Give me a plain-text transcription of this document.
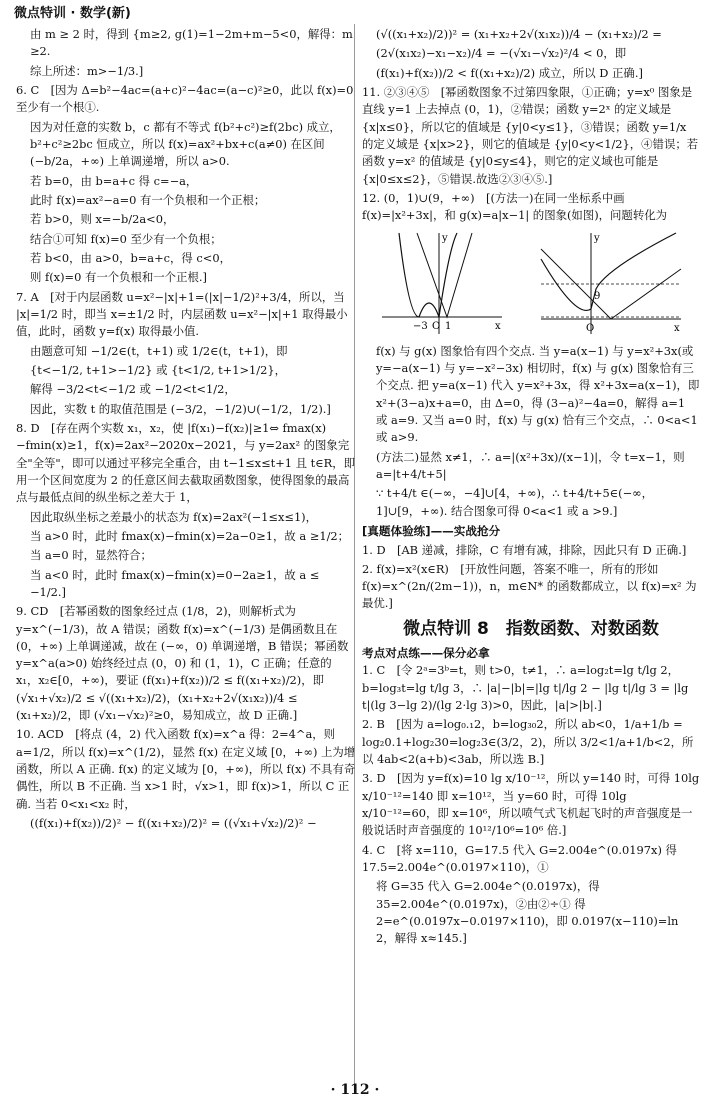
微点特训 · 数学(新)

由 m ≥ 2 时，得到 {m≥2, g(1)=1−2m+m−5<0，解得：m ≥2.

综上所述：m>−1/3.]

6. C　[因为 Δ=b²−4ac=(a+c)²−4ac=(a−c)²≥0，此以 f(x)=0 至少有一个根①.

因为对任意的实数 b，c 都有不等式 f(b²+c²)≥f(2bc) 成立，b²+c²≥2bc 恒成立，所以 f(x)=ax²+bx+c(a≠0) 在区间 (−b/2a，+∞) 上单调递增，所以 a>0.

若 b=0，由 b=a+c 得 c=−a，

此时 f(x)=ax²−a=0 有一个负根和一个正根；

若 b>0，则 x=−b/2a<0，

结合①可知 f(x)=0 至少有一个负根；

若 b<0，由 a>0，b=a+c，得 c<0，

则 f(x)=0 有一个负根和一个正根.]

7. A　[对于内层函数 u=x²−|x|+1=(|x|−1/2)²+3/4，所以，当 |x|=1/2 时，即当 x=±1/2 时，内层函数 u=x²−|x|+1 取得最小值，此时，函数 y=f(x) 取得最小值.

由题意可知 −1/2∈(t，t+1) 或 1/2∈(t，t+1)，即

{t<−1/2, t+1>−1/2} 或 {t<1/2, t+1>1/2}，

解得 −3/2<t<−1/2 或 −1/2<t<1/2，

因此，实数 t 的取值范围是 (−3/2，−1/2)∪(−1/2，1/2).]

8. D　[存在两个实数 x₁，x₂，使 |f(x₁)−f(x₂)|≥1⇔ fmax(x)−fmin(x)≥1，f(x)=2ax²−2020x−2021，与 y=2ax² 的图象完全"全等"，即可以通过平移完全重合，由 t−1≤x≤t+1 且 t∈R，即用一个区间宽度为 2 的任意区间去截取函数图象，使得图象的最高点与最低点间的纵坐标之差大于 1，

因此取纵坐标之差最小的状态为 f(x)=2ax²(−1≤x≤1)，

当 a>0 时，此时 fmax(x)−fmin(x)=2a−0≥1，故 a ≥1/2；

当 a=0 时，显然符合；

当 a<0 时，此时 fmax(x)−fmin(x)=0−2a≥1，故 a ≤ −1/2.]

9. CD　[若幂函数的图象经过点 (1/8，2)，则解析式为 y=x^(−1/3)，故 A 错误；函数 f(x)=x^(−1/3) 是偶函数且在 (0，+∞) 上单调递减，故在 (−∞，0) 单调递增，B 错误；幂函数 y=x^a(a>0) 始终经过点 (0，0) 和 (1，1)，C 正确；任意的 x₁，x₂∈[0，+∞)，要证 (f(x₁)+f(x₂))/2 ≤ f((x₁+x₂)/2)，即 (√x₁+√x₂)/2 ≤ √((x₁+x₂)/2)，(x₁+x₂+2√(x₁x₂))/4 ≤ (x₁+x₂)/2，即 (√x₁−√x₂)²≥0，易知成立，故 D 正确.]

10. ACD　[将点 (4，2) 代入函数 f(x)=x^a 得：2=4^a，则 a=1/2，所以 f(x)=x^(1/2)，显然 f(x) 在定义域 [0，+∞) 上为增函数，所以 A 正确. f(x) 的定义域为 [0，+∞)，所以 f(x) 不具有奇偶性，所以 B 不正确. 当 x>1 时，√x>1，即 f(x)>1，所以 C 正确. 当若 0<x₁<x₂ 时，

((f(x₁)+f(x₂))/2)² − f((x₁+x₂)/2)² = ((√x₁+√x₂)/2)² −

(√((x₁+x₂)/2))² = (x₁+x₂+2√(x₁x₂))/4 − (x₁+x₂)/2 =

(2√(x₁x₂)−x₁−x₂)/4 = −(√x₁−√x₂)²/4 < 0，即

(f(x₁)+f(x₂))/2 < f((x₁+x₂)/2) 成立，所以 D 正确.]

11. ②③④⑤　[幂函数图象不过第四象限，①正确；y=x⁰ 图象是直线 y=1 上去掉点 (0，1)，②错误；函数 y=2ˣ 的定义域是 {x|x≤0}，所以它的值域是 {y|0<y≤1}，③错误；函数 y=1/x 的定义域是 {x|x>2}，则它的值域是 {y|0<y<1/2}，④错误；若函数 y=x² 的值域是 {y|0≤y≤4}，则它的定义域也可能是 {x|0≤x≤2}，⑤错误.故选②③④⑤.]

12. (0，1)∪(9，+∞)　[(方法一)在同一坐标系中画 f(x)=|x²+3x|，和 g(x)=a|x−1| 的图象(如图)，问题转化为

−3 O 1	x
y
9
O	x
y

f(x) 与 g(x) 图象恰有四个交点. 当 y=a(x−1) 与 y=x²+3x(或 y=−a(x−1) 与 y=−x²−3x) 相切时，f(x) 与 g(x) 图象恰有三个交点. 把 y=a(x−1) 代入 y=x²+3x，得 x²+3x=a(x−1)，即 x²+(3−a)x+a=0，由 Δ=0，得 (3−a)²−4a=0，解得 a=1 或 a=9. 又当 a=0 时，f(x) 与 g(x) 恰有三个交点，∴ 0<a<1 或 a>9.

(方法二)显然 x≠1，∴ a=|(x²+3x)/(x−1)|，令 t=x−1，则 a=|t+4/t+5|

∵ t+4/t ∈(−∞，−4]∪[4，+∞)，∴ t+4/t+5∈(−∞，1]∪[9，+∞). 结合图象可得 0<a<1 或 a >9.]

[真题体验练]——实战抢分

1. D　[AB 递减，排除，C 有增有减，排除，因此只有 D 正确.]

2. f(x)=x²(x∈R)　[开放性问题，答案不唯一，所有的形如 f(x)=x^(2n/(2m−1))，n，m∈N* 的函数都成立，以 f(x)=x² 为最优.]

微点特训 8　指数函数、对数函数
考点对点练——保分必拿

1. C　[令 2ᵃ=3ᵇ=t，则 t>0，t≠1，∴ a=log₂t=lg t/lg 2，b=log₃t=lg t/lg 3，∴ |a|−|b|=|lg t|/lg 2 − |lg t|/lg 3 = |lg t|(lg 3−lg 2)/(lg 2·lg 3)>0，因此，|a|>|b|.]

2. B　[因为 a=log₀.₁2，b=log₃₀2，所以 ab<0，1/a+1/b = log₂0.1+log₂30=log₂3∈(3/2，2)，所以 3/2<1/a+1/b<2，所以 4ab<2(a+b)<3ab，所以选 B.]

3. D　[因为 y=f(x)=10 lg x/10⁻¹²，所以 y=140 时，可得 10lg x/10⁻¹²=140 即 x=10¹²，当 y=60 时，可得 10lg x/10⁻¹²=60，即 x=10⁶，所以喷气式飞机起飞时的声音强度是一般说话时声音强度的 10¹²/10⁶=10⁶ 倍.]

4. C　[将 x=110，G=17.5 代入 G=2.004e^(0.0197x) 得 17.5=2.004e^(0.0197×110)，①

将 G=35 代入 G=2.004e^(0.0197x)，得 35=2.004e^(0.0197x)，②由②÷① 得 2=e^(0.0197x−0.0197×110)，即 0.0197(x−110)=ln 2，解得 x≈145.]

· 112 ·
